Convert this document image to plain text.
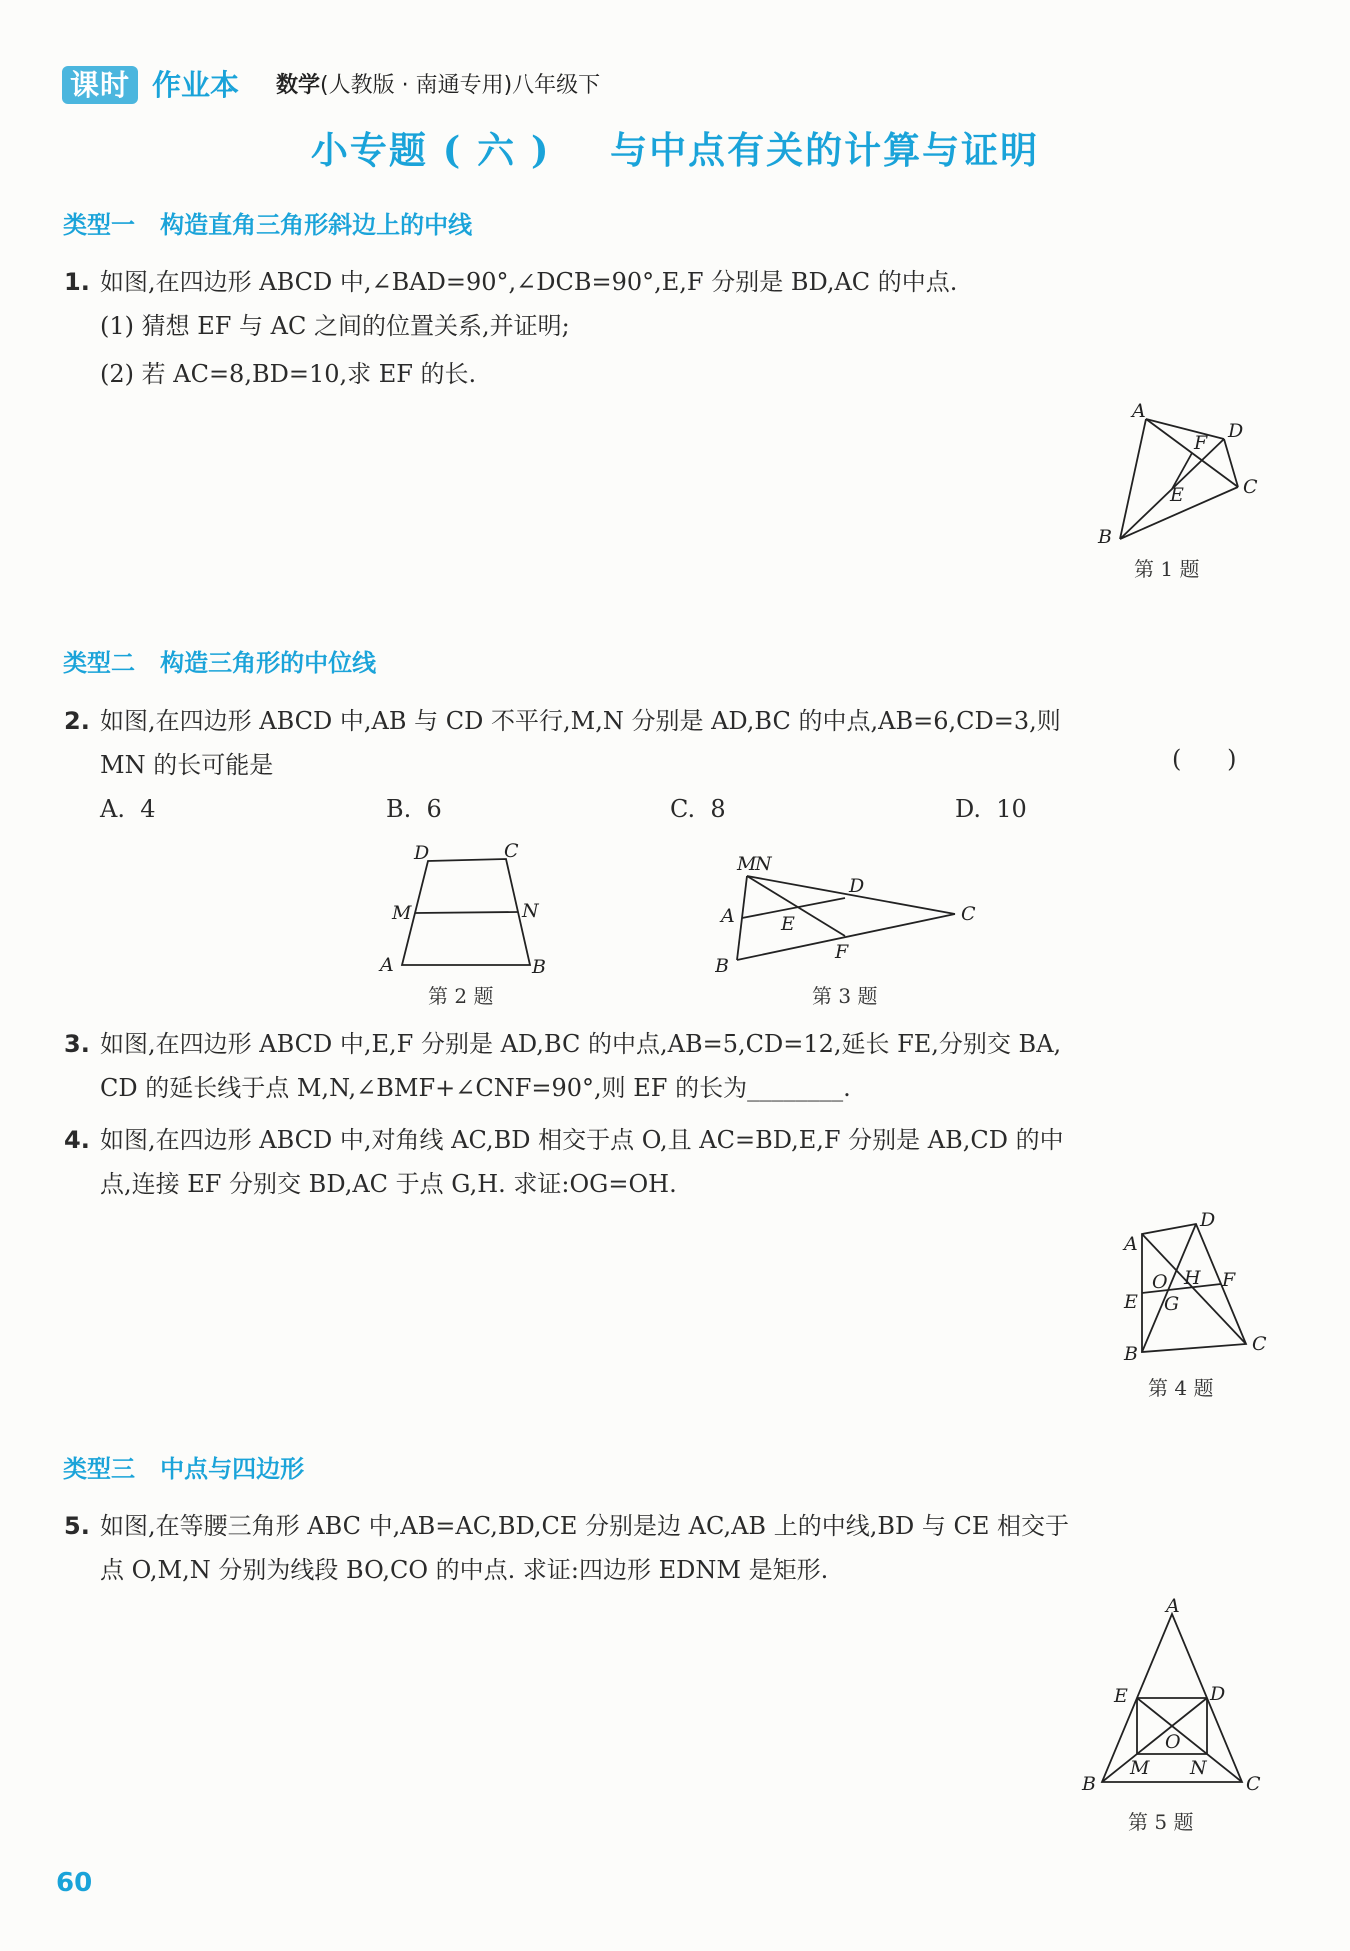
课时 作业本 数学(人教版 · 南通专用)八年级下
小专题 ( 六 )    与中点有关的计算与证明
类型一   构造直角三角形斜边上的中线
1. 如图,在四边形 ABCD 中,∠BAD=90°,∠DCB=90°,E,F 分别是 BD,AC 的中点.
(1) 猜想 EF 与 AC 之间的位置关系,并证明;
(2) 若 AC=8,BD=10,求 EF 的长.
A
D
F
C
E
B
第 1 题
类型二   构造三角形的中位线
2. 如图,在四边形 ABCD 中,AB 与 CD 不平行,M,N 分别是 AD,BC 的中点,AB=6,CD=3,则
MN 的长可能是	(      )
A.  4	B.  6	C.  8	D.  10
D	C
M	N
A	B
第 2 题
M
N
D
A E	C
F
B
第 3 题
3. 如图,在四边形 ABCD 中,E,F 分别是 AD,BC 的中点,AB=5,CD=12,延长 FE,分别交 BA,
CD 的延长线于点 M,N,∠BMF+∠CNF=90°,则 EF 的长为________.
4. 如图,在四边形 ABCD 中,对角线 AC,BD 相交于点 O,且 AC=BD,E,F 分别是 AB,CD 的中
点,连接 EF 分别交 BD,AC 于点 G,H. 求证:OG=OH.
D
A
O H F
E G
C
B
第 4 题
类型三   中点与四边形
5. 如图,在等腰三角形 ABC 中,AB=AC,BD,CE 分别是边 AC,AB 上的中线,BD 与 CE 相交于
点 O,M,N 分别为线段 BO,CO 的中点. 求证:四边形 EDNM 是矩形.
A
E	D
O
M N
B	C
第 5 题
60
